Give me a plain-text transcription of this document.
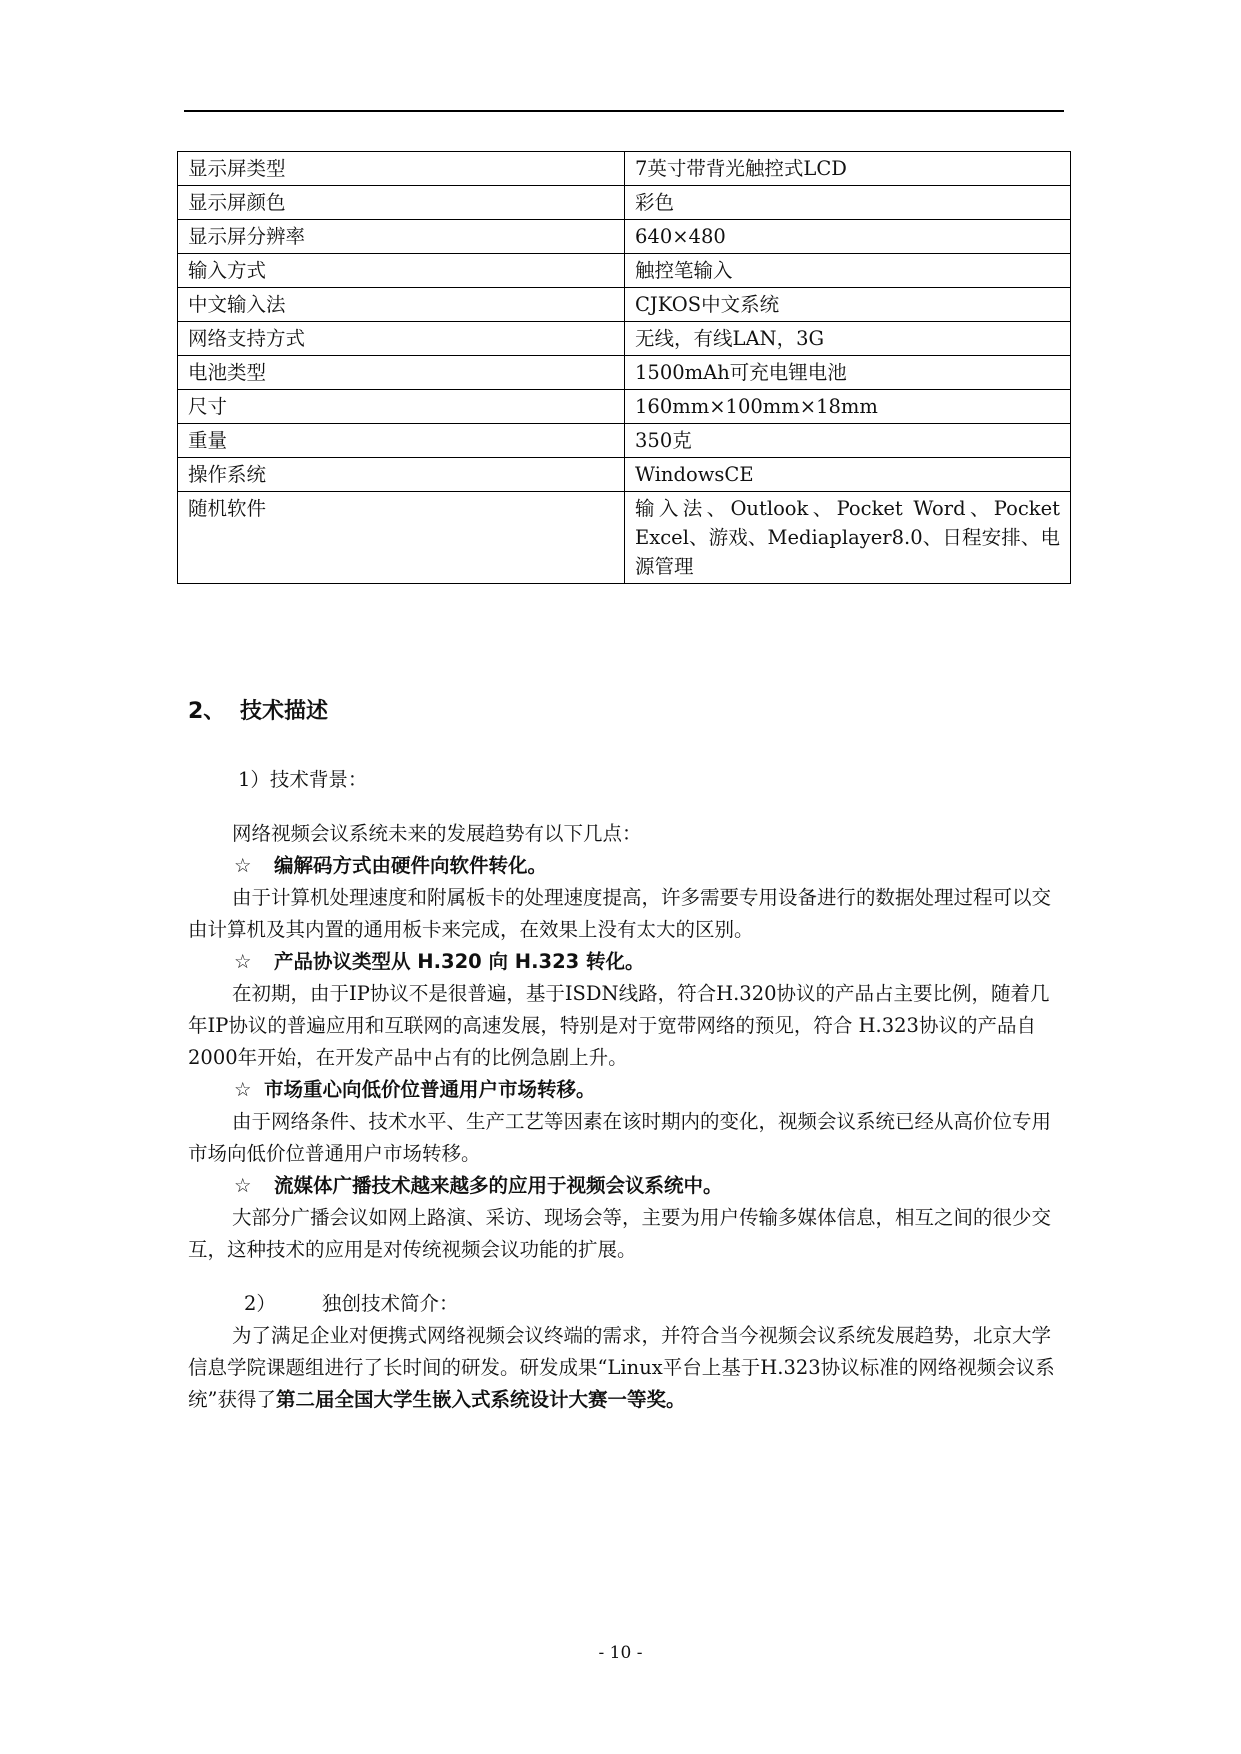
显示屏类型	7英寸带背光触控式LCD
显示屏颜色	彩色
显示屏分辨率	640×480
输入方式	触控笔输入
中文输入法	CJKOS中文系统
网络支持方式	无线，有线LAN，3G
电池类型	1500mAh可充电锂电池
尺寸	160mm×100mm×18mm
重量	350克
操作系统	WindowsCE
随机软件	输入法、Outlook、Pocket Word、Pocket Excel、游戏、Mediaplayer8.0、日程安排、电源管理
2、 技术描述

1）技术背景：

网络视频会议系统未来的发展趋势有以下几点：

☆ 编解码方式由硬件向软件转化。

由于计算机处理速度和附属板卡的处理速度提高，许多需要专用设备进行的数据处理过程可以交由计算机及其内置的通用板卡来完成，在效果上没有太大的区别。

☆ 产品协议类型从 H.320 向 H.323 转化。

在初期，由于IP协议不是很普遍，基于ISDN线路，符合H.320协议的产品占主要比例，随着几年IP协议的普遍应用和互联网的高速发展，特别是对于宽带网络的预见，符合 H.323协议的产品自2000年开始，在开发产品中占有的比例急剧上升。

☆ 市场重心向低价位普通用户市场转移。

由于网络条件、技术水平、生产工艺等因素在该时期内的变化，视频会议系统已经从高价位专用市场向低价位普通用户市场转移。

☆ 流媒体广播技术越来越多的应用于视频会议系统中。

大部分广播会议如网上路演、采访、现场会等，主要为用户传输多媒体信息，相互之间的很少交互，这种技术的应用是对传统视频会议功能的扩展。

2） 独创技术简介：

为了满足企业对便携式网络视频会议终端的需求，并符合当今视频会议系统发展趋势，北京大学信息学院课题组进行了长时间的研发。研发成果“Linux平台上基于H.323协议标准的网络视频会议系统”获得了第二届全国大学生嵌入式系统设计大赛一等奖。

- 10 -
